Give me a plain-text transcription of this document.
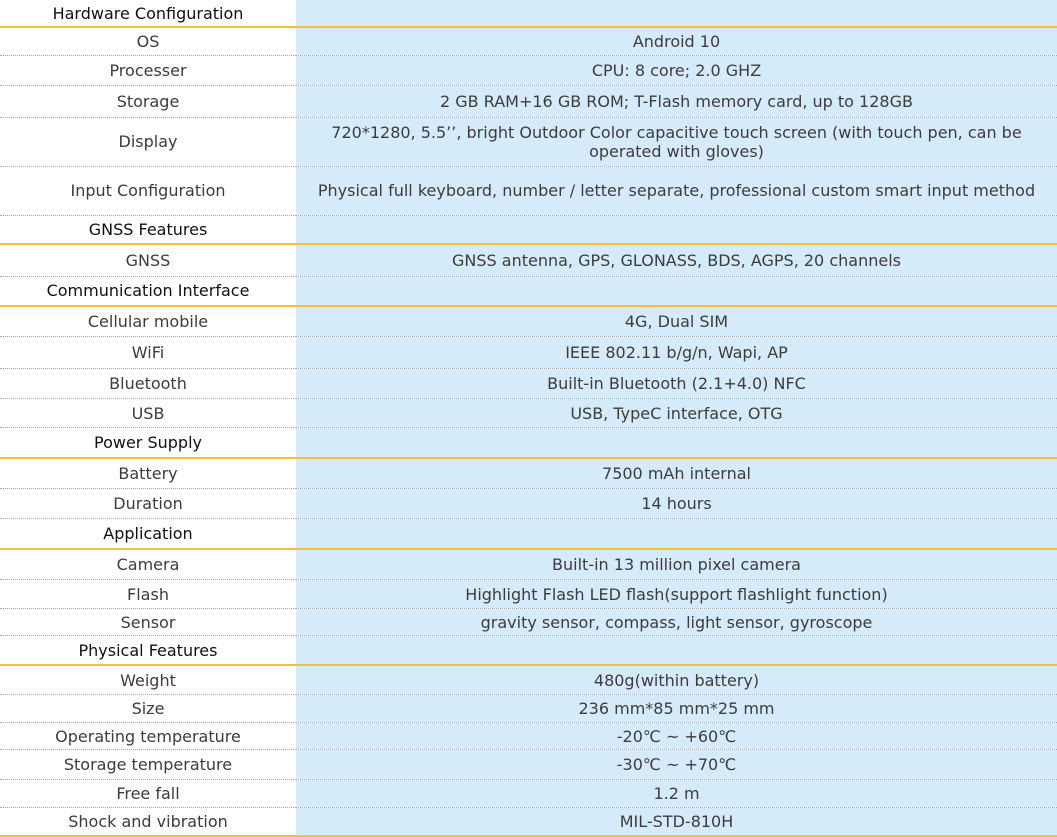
Hardware Configuration	
OS	Android 10
Processer	CPU: 8 core; 2.0 GHZ
Storage	2 GB RAM+16 GB ROM; T-Flash memory card, up to 128GB
Display	720*1280, 5.5’’, bright Outdoor Color capacitive touch screen (with touch pen, can be operated with gloves)
Input Configuration	Physical full keyboard, number / letter separate, professional custom smart input method
GNSS Features	
GNSS	GNSS antenna, GPS, GLONASS, BDS, AGPS, 20 channels
Communication Interface	
Cellular mobile	4G, Dual SIM
WiFi	IEEE 802.11 b/g/n, Wapi, AP
Bluetooth	Built-in Bluetooth (2.1+4.0) NFC
USB	USB, TypeC interface, OTG
Power Supply	
Battery	7500 mAh internal
Duration	14 hours
Application	
Camera	Built-in 13 million pixel camera
Flash	Highlight Flash LED flash(support flashlight function)
Sensor	gravity sensor, compass, light sensor, gyroscope
Physical Features	
Weight	480g(within battery)
Size	236 mm*85 mm*25 mm
Operating temperature	-20℃ ~ +60℃
Storage temperature	-30℃ ~ +70℃
Free fall	1.2 m
Shock and vibration	MIL-STD-810H
